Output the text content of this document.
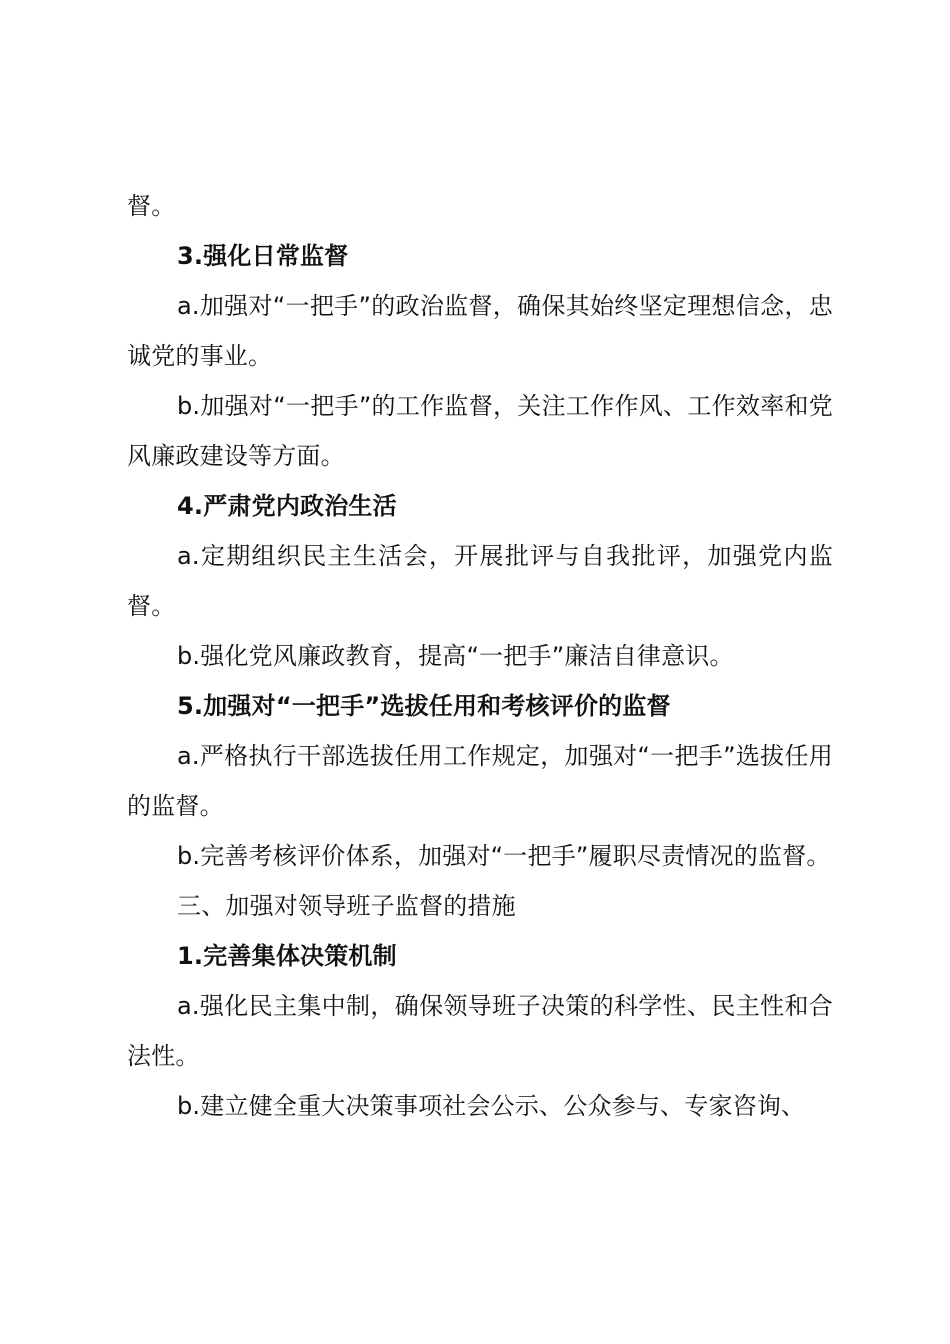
督。

3.强化日常监督

a.加强对“一把手”的政治监督，确保其始终坚定理想信念，忠诚党的事业。

b.加强对“一把手”的工作监督，关注工作作风、工作效率和党风廉政建设等方面。

4.严肃党内政治生活

a.定期组织民主生活会，开展批评与自我批评，加强党内监督。

b.强化党风廉政教育，提高“一把手”廉洁自律意识。

5.加强对“一把手”选拔任用和考核评价的监督

a.严格执行干部选拔任用工作规定，加强对“一把手”选拔任用的监督。

b.完善考核评价体系，加强对“一把手”履职尽责情况的监督。

三、加强对领导班子监督的措施

1.完善集体决策机制

a.强化民主集中制，确保领导班子决策的科学性、民主性和合法性。

b.建立健全重大决策事项社会公示、公众参与、专家咨询、
